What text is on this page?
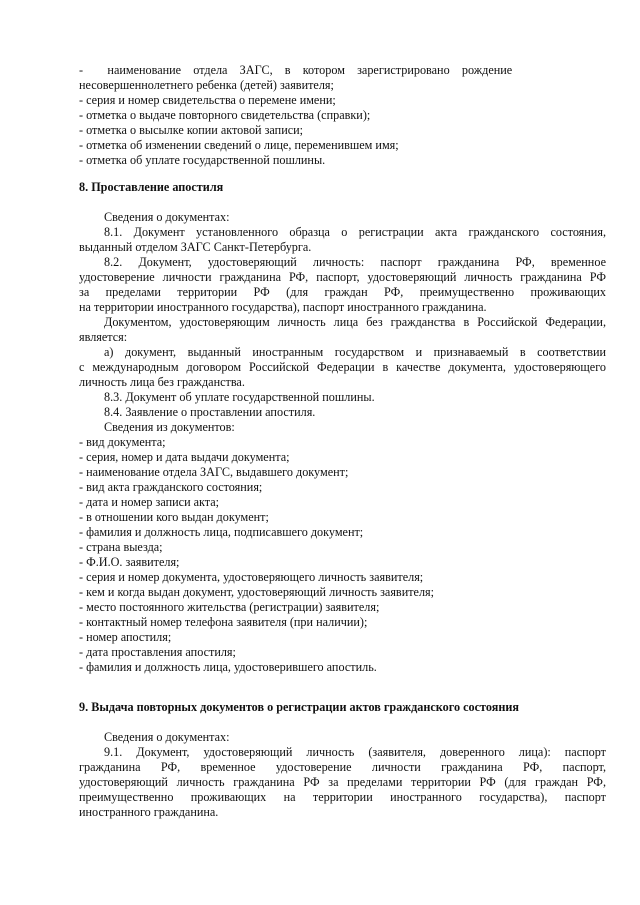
-        наименование    отдела    ЗАГС,    в    котором    зарегистрировано    рождение
несовершеннолетнего ребенка (детей) заявителя;
- серия и номер свидетельства о перемене имени;
- отметка о выдаче повторного свидетельства (справки);
- отметка о высылке копии актовой записи;
- отметка об изменении сведений о лице, переменившем имя;
- отметка об уплате государственной пошлины.
8. Проставление апостиля
Сведения о документах:
8.1. Документ установленного образца о регистрации акта гражданского состояния,
выданный отделом ЗАГС Санкт-Петербурга.
8.2. Документ, удостоверяющий личность: паспорт гражданина РФ, временное
удостоверение личности гражданина РФ, паспорт, удостоверяющий личность гражданина РФ
за пределами территории РФ (для граждан РФ, преимущественно проживающих
на территории иностранного государства), паспорт иностранного гражданина.
Документом, удостоверяющим личность лица без гражданства в Российской Федерации,
является:
а) документ, выданный иностранным государством и признаваемый в соответствии
с международным договором Российской Федерации в качестве документа, удостоверяющего
личность лица без гражданства.
8.3. Документ об уплате государственной пошлины.
8.4. Заявление о проставлении апостиля.
Сведения из документов:
- вид документа;
- серия, номер и дата выдачи документа;
- наименование отдела ЗАГС, выдавшего документ;
- вид акта гражданского состояния;
- дата и номер записи акта;
- в отношении кого выдан документ;
- фамилия и должность лица, подписавшего документ;
- страна выезда;
- Ф.И.О. заявителя;
- серия и номер документа, удостоверяющего личность заявителя;
- кем и когда выдан документ, удостоверяющий личность заявителя;
- место постоянного жительства (регистрации) заявителя;
- контактный номер телефона заявителя (при наличии);
- номер апостиля;
- дата проставления апостиля;
- фамилия и должность лица, удостоверившего апостиль.
9. Выдача повторных документов о регистрации актов гражданского состояния
Сведения о документах:
9.1. Документ, удостоверяющий личность (заявителя, доверенного лица): паспорт
гражданина РФ, временное удостоверение личности гражданина РФ, паспорт,
удостоверяющий личность гражданина РФ за пределами территории РФ (для граждан РФ,
преимущественно проживающих на территории иностранного государства), паспорт
иностранного гражданина.
